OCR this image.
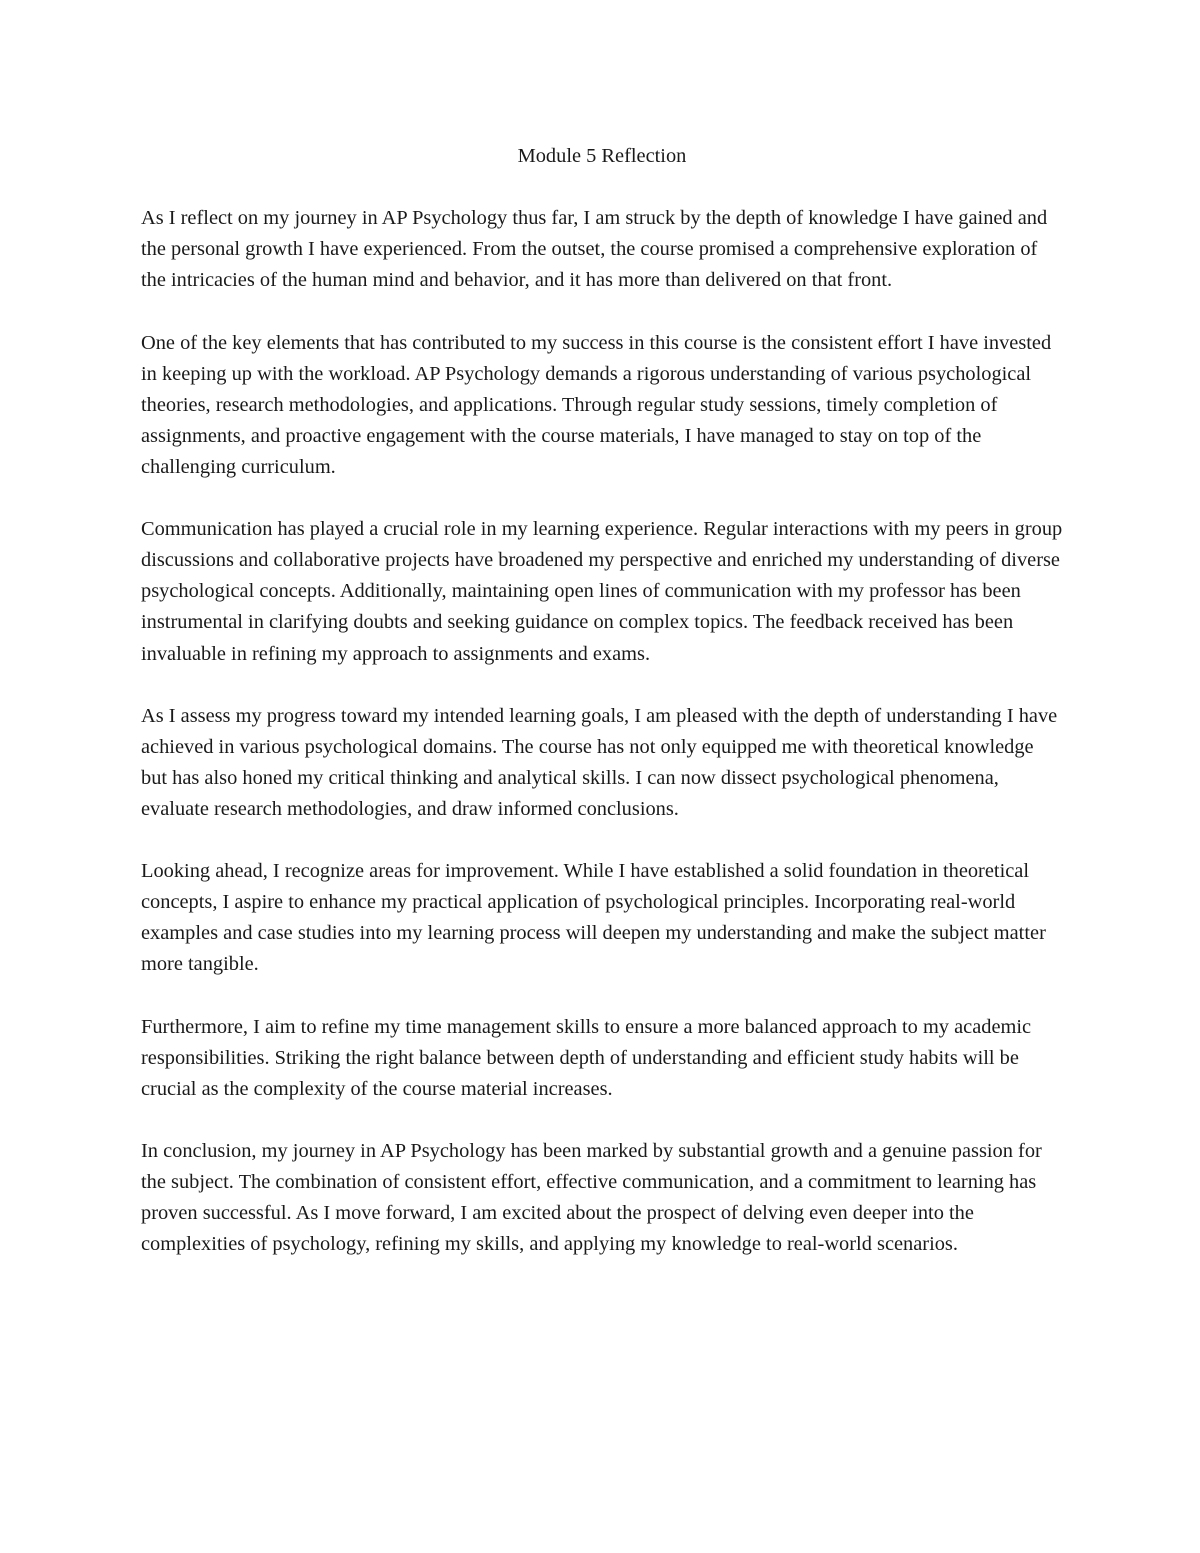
Module 5 Reflection

As I reflect on my journey in AP Psychology thus far, I am struck by the depth of knowledge I have gained and the personal growth I have experienced. From the outset, the course promised a comprehensive exploration of the intricacies of the human mind and behavior, and it has more than delivered on that front.

One of the key elements that has contributed to my success in this course is the consistent effort I have invested in keeping up with the workload. AP Psychology demands a rigorous understanding of various psychological theories, research methodologies, and applications. Through regular study sessions, timely completion of assignments, and proactive engagement with the course materials, I have managed to stay on top of the challenging curriculum.

Communication has played a crucial role in my learning experience. Regular interactions with my peers in group discussions and collaborative projects have broadened my perspective and enriched my understanding of diverse psychological concepts. Additionally, maintaining open lines of communication with my professor has been instrumental in clarifying doubts and seeking guidance on complex topics. The feedback received has been invaluable in refining my approach to assignments and exams.

As I assess my progress toward my intended learning goals, I am pleased with the depth of understanding I have achieved in various psychological domains. The course has not only equipped me with theoretical knowledge but has also honed my critical thinking and analytical skills. I can now dissect psychological phenomena, evaluate research methodologies, and draw informed conclusions.

Looking ahead, I recognize areas for improvement. While I have established a solid foundation in theoretical concepts, I aspire to enhance my practical application of psychological principles. Incorporating real-world examples and case studies into my learning process will deepen my understanding and make the subject matter more tangible.

Furthermore, I aim to refine my time management skills to ensure a more balanced approach to my academic responsibilities. Striking the right balance between depth of understanding and efficient study habits will be crucial as the complexity of the course material increases.

In conclusion, my journey in AP Psychology has been marked by substantial growth and a genuine passion for the subject. The combination of consistent effort, effective communication, and a commitment to learning has proven successful. As I move forward, I am excited about the prospect of delving even deeper into the complexities of psychology, refining my skills, and applying my knowledge to real-world scenarios.
